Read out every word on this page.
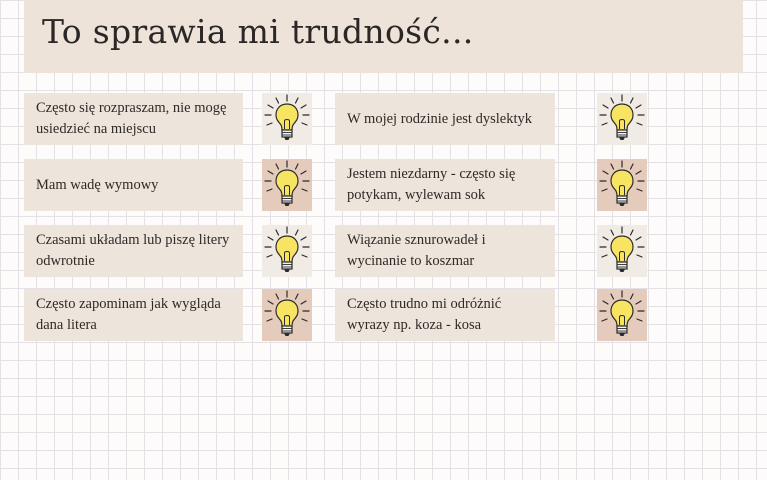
To sprawia mi trudność...
Często się rozpraszam, nie mogę usiedzieć na miejscu
W mojej rodzinie jest dyslektyk
Mam wadę wymowy
Jestem niezdarny - często się potykam, wylewam sok
Czasami układam lub piszę litery odwrotnie
Wiązanie sznurowadeł i wycinanie to koszmar
Często zapominam jak wygląda dana litera
Często trudno mi odróżnić wyrazy np. koza - kosa
